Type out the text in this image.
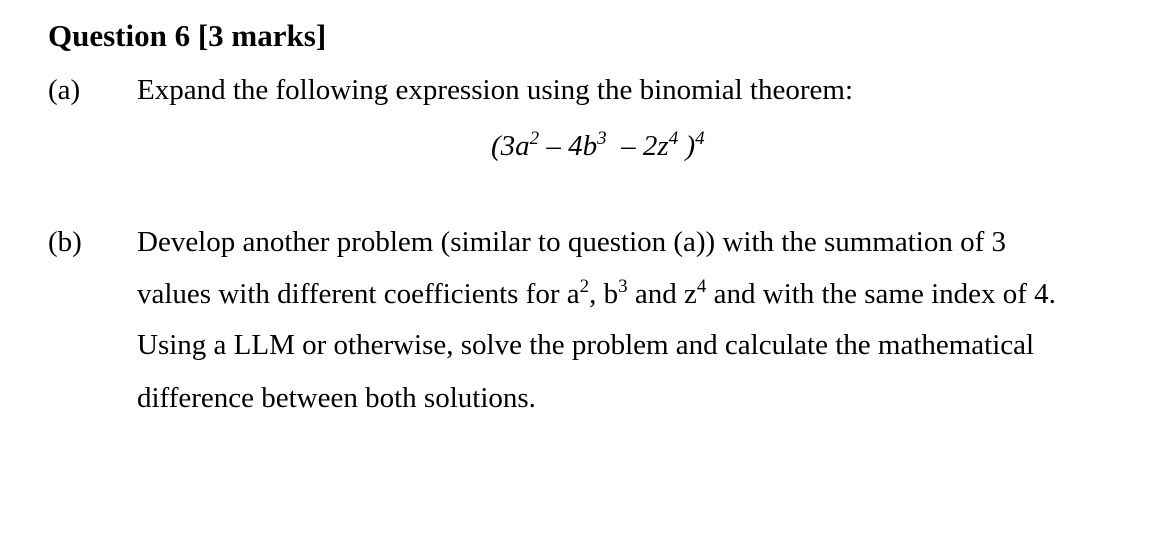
Question 6 [3 marks]
(a) Expand the following expression using the binomial theorem:
($3a^2 - 4b^3 - 2z^4$ )$^4$
(b) Develop another problem (similar to question (a)) with the summation of 3
values with different coefficients for $a^2$, $b^3$ and $z^4$ and with the same index of 4.
Using a LLM or otherwise, solve the problem and calculate the mathematical
difference between both solutions.
